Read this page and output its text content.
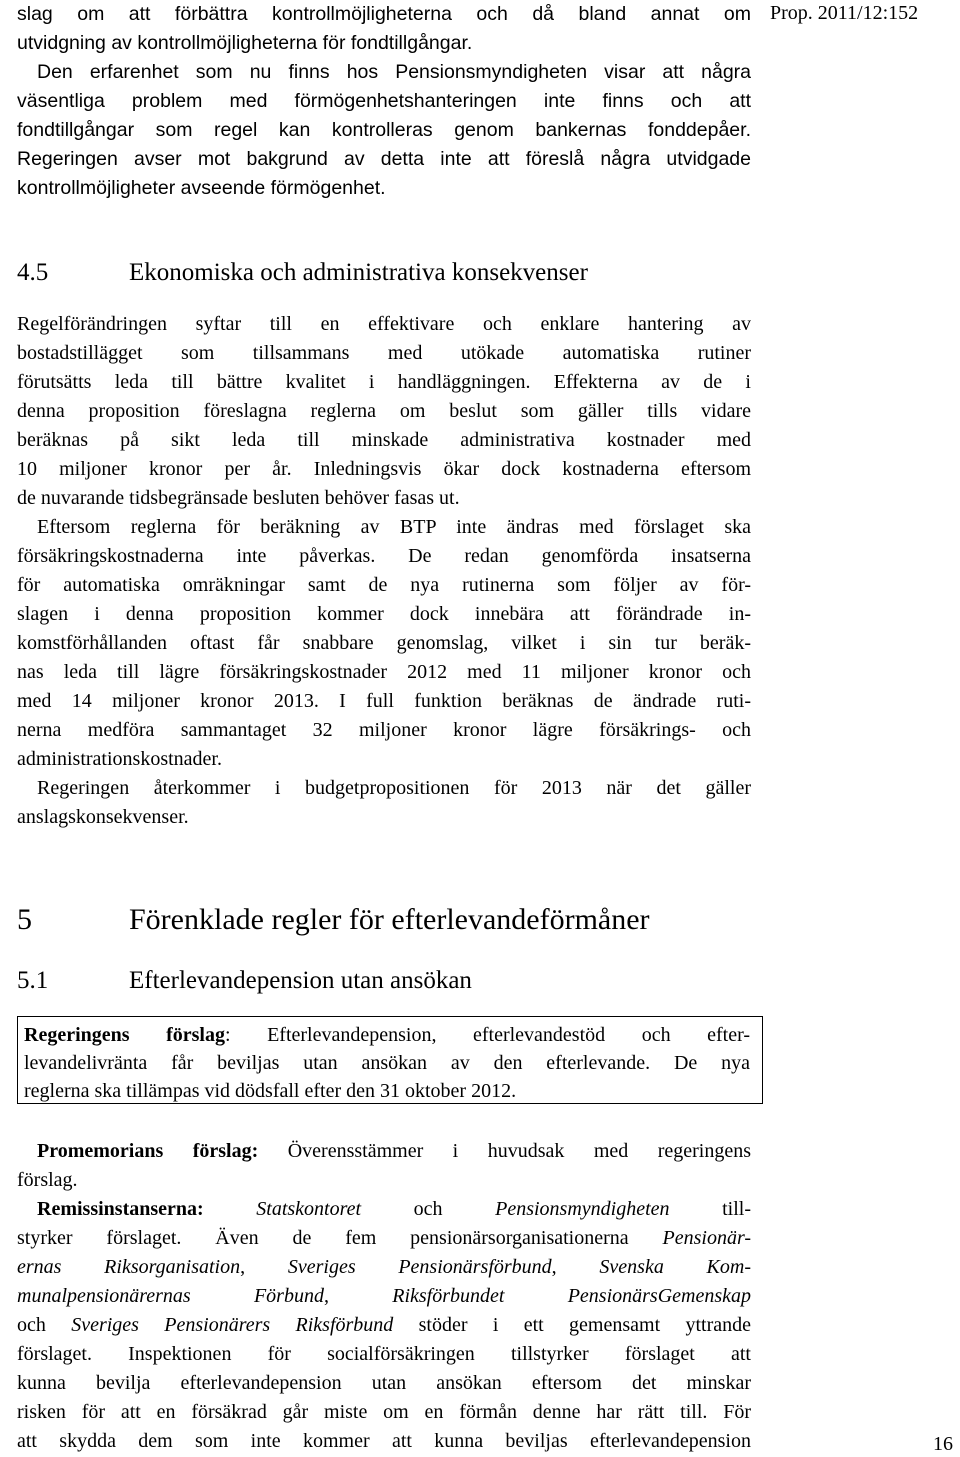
Prop. 2011/12:152
slag om att förbättra kontrollmöjligheterna och då bland annat om
utvidgning av kontrollmöjligheterna för fondtillgångar.
Den erfarenhet som nu finns hos Pensionsmyndigheten visar att några
väsentliga problem med förmögenhetshanteringen inte finns och att
fondtillgångar som regel kan kontrolleras genom bankernas fonddepåer.
Regeringen avser mot bakgrund av detta inte att föreslå några utvidgade
kontrollmöjligheter avseende förmögenhet.
4.5	Ekonomiska och administrativa konsekvenser
Regelförändringen syftar till en effektivare och enklare hantering av
bostadstillägget som tillsammans med utökade automatiska rutiner
förutsätts leda till bättre kvalitet i handläggningen. Effekterna av de i
denna proposition föreslagna reglerna om beslut som gäller tills vidare
beräknas på sikt leda till minskade administrativa kostnader med
10 miljoner kronor per år. Inledningsvis ökar dock kostnaderna eftersom
de nuvarande tidsbegränsade besluten behöver fasas ut.
Eftersom reglerna för beräkning av BTP inte ändras med förslaget ska
försäkringskostnaderna inte påverkas. De redan genomförda insatserna
för automatiska omräkningar samt de nya rutinerna som följer av för-
slagen i denna proposition kommer dock innebära att förändrade in-
komstförhållanden oftast får snabbare genomslag, vilket i sin tur beräk-
nas leda till lägre försäkringskostnader 2012 med 11 miljoner kronor och
med 14 miljoner kronor 2013. I full funktion beräknas de ändrade ruti-
nerna medföra sammantaget 32 miljoner kronor lägre försäkrings- och
administrationskostnader.
Regeringen återkommer i budgetpropositionen för 2013 när det gäller
anslagskonsekvenser.
5	Förenklade regler för efterlevandeförmåner
5.1	Efterlevandepension utan ansökan
Regeringens förslag: Efterlevandepension, efterlevandestöd och efter-
levandelivränta får beviljas utan ansökan av den efterlevande. De nya
reglerna ska tillämpas vid dödsfall efter den 31 oktober 2012.
Promemorians förslag: Överensstämmer i huvudsak med regeringens
förslag.
Remissinstanserna:	Statskontoret och Pensionsmyndigheten till-
styrker förslaget. Även de fem pensionärsorganisationerna Pensionär-
ernas Riksorganisation, Sveriges Pensionärsförbund, Svenska Kom-
munalpensionärernas Förbund, Riksförbundet PensionärsGemenskap
och Sveriges Pensionärers Riksförbund stöder i ett gemensamt yttrande
förslaget. Inspektionen för socialförsäkringen tillstyrker förslaget att
kunna bevilja efterlevandepension utan ansökan eftersom det minskar
risken för att en försäkrad går miste om en förmån denne har rätt till. För
att skydda dem som inte kommer att kunna beviljas efterlevandepension	16
